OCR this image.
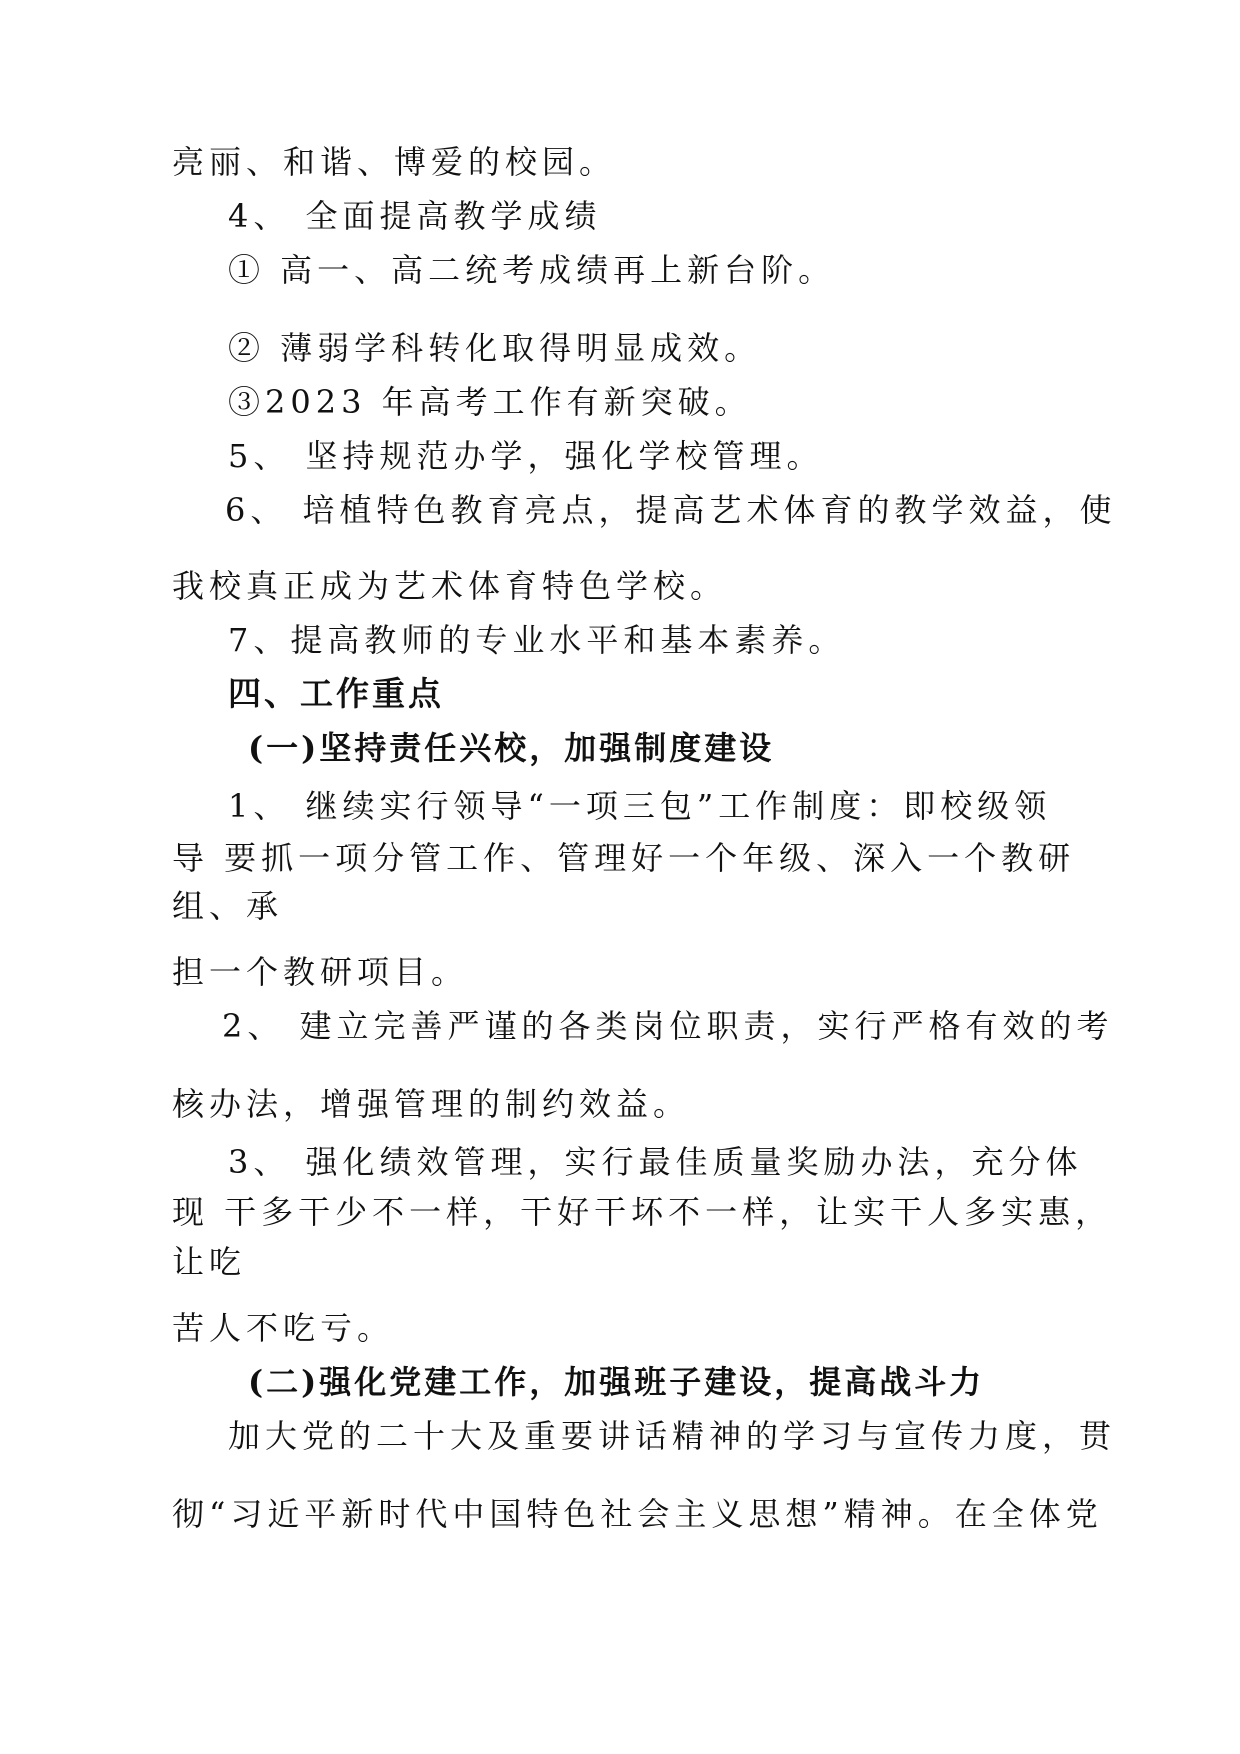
亮丽、和谐、博爱的校园。

4、 全面提高教学成绩

① 高一、高二统考成绩再上新台阶。

② 薄弱学科转化取得明显成效。

③2023 年高考工作有新突破。

5、 坚持规范办学，强化学校管理。

6、 培植特色教育亮点，提高艺术体育的教学效益，使

我校真正成为艺术体育特色学校。

7、提高教师的专业水平和基本素养。

四、工作重点

(一)坚持责任兴校，加强制度建设

1、 继续实行领导“一项三包”工作制度：即校级领

导 要抓一项分管工作、管理好一个年级、深入一个教研

组、承

担一个教研项目。

2、 建立完善严谨的各类岗位职责，实行严格有效的考

核办法，增强管理的制约效益。

3、 强化绩效管理，实行最佳质量奖励办法，充分体

现 干多干少不一样，干好干坏不一样，让实干人多实惠，

让吃

苦人不吃亏。

(二)强化党建工作，加强班子建设，提高战斗力

加大党的二十大及重要讲话精神的学习与宣传力度，贯

彻“习近平新时代中国特色社会主义思想”精神。在全体党
